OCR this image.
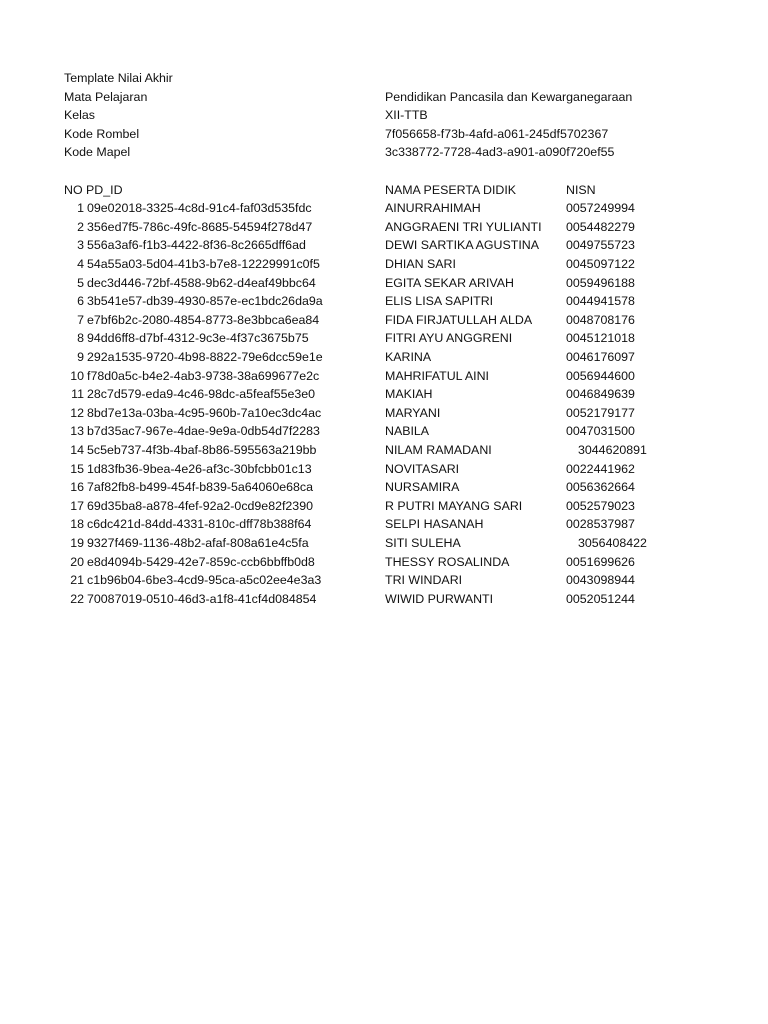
Template Nilai Akhir
Mata Pelajaran	Pendidikan Pancasila dan Kewarganegaraan
Kelas	XII-TTB
Kode Rombel	7f056658-f73b-4afd-a061-245df5702367
Kode Mapel	3c338772-7728-4ad3-a901-a090f720ef55
NO PD_ID	NAMA PESERTA DIDIK	NISN
1 09e02018-3325-4c8d-91c4-faf03d535fdc	AINURRAHIMAH	0057249994
2 356ed7f5-786c-49fc-8685-54594f278d47	ANGGRAENI TRI YULIANTI 0054482279
3 556a3af6-f1b3-4422-8f36-8c2665dff6ad	DEWI SARTIKA AGUSTINA 0049755723
4 54a55a03-5d04-41b3-b7e8-12229991c0f5	DHIAN SARI	0045097122
5 dec3d446-72bf-4588-9b62-d4eaf49bbc64	EGITA SEKAR ARIVAH	0059496188
6 3b541e57-db39-4930-857e-ec1bdc26da9a	ELIS LISA SAPITRI	0044941578
7 e7bf6b2c-2080-4854-8773-8e3bbca6ea84	FIDA FIRJATULLAH ALDA	0048708176
8 94dd6ff8-d7bf-4312-9c3e-4f37c3675b75	FITRI AYU ANGGRENI	0045121018
9 292a1535-9720-4b98-8822-79e6dcc59e1e	KARINA	0046176097
10 f78d0a5c-b4e2-4ab3-9738-38a699677e2c	MAHRIFATUL AINI	0056944600
11 28c7d579-eda9-4c46-98dc-a5feaf55e3e0	MAKIAH	0046849639
12 8bd7e13a-03ba-4c95-960b-7a10ec3dc4ac	MARYANI	0052179177
13 b7d35ac7-967e-4dae-9e9a-0db54d7f2283	NABILA	0047031500
14 5c5eb737-4f3b-4baf-8b86-595563a219bb	NILAM RAMADANI	3044620891
15 1d83fb36-9bea-4e26-af3c-30bfcbb01c13	NOVITASARI	0022441962
16 7af82fb8-b499-454f-b839-5a64060e68ca	NURSAMIRA	0056362664
17 69d35ba8-a878-4fef-92a2-0cd9e82f2390	R PUTRI MAYANG SARI	0052579023
18 c6dc421d-84dd-4331-810c-dff78b388f64	SELPI HASANAH	0028537987
19 9327f469-1136-48b2-afaf-808a61e4c5fa	SITI SULEHA	3056408422
20 e8d4094b-5429-42e7-859c-ccb6bbffb0d8	THESSY ROSALINDA	0051699626
21 c1b96b04-6be3-4cd9-95ca-a5c02ee4e3a3	TRI WINDARI	0043098944
22 70087019-0510-46d3-a1f8-41cf4d084854	WIWID PURWANTI	0052051244
